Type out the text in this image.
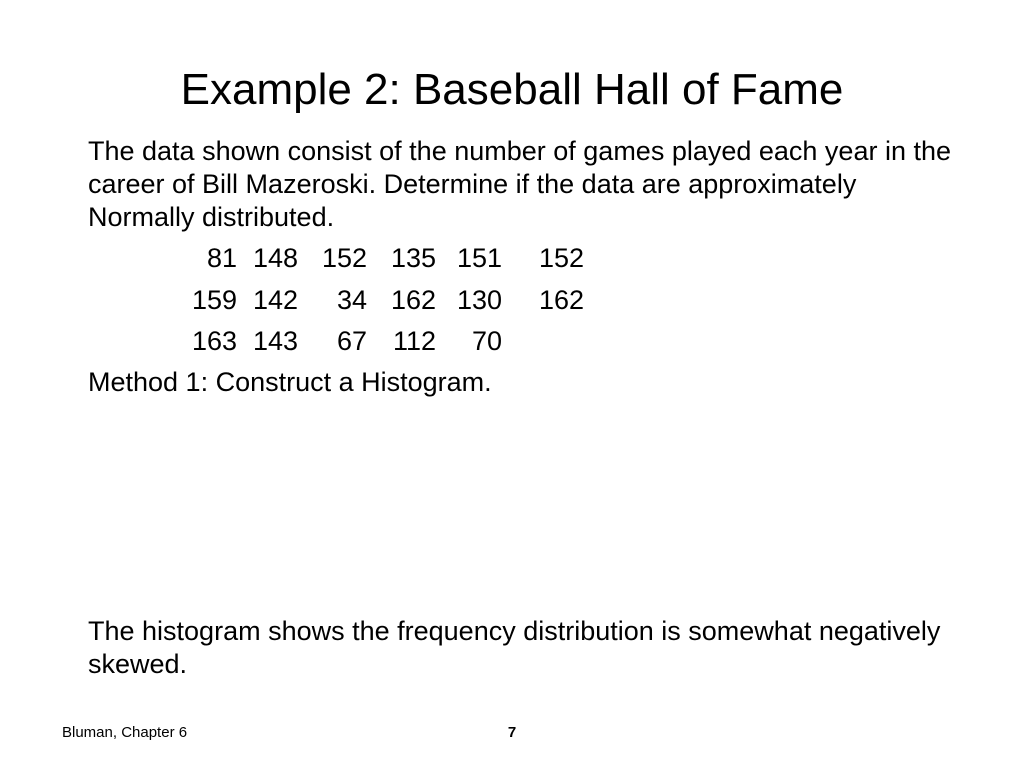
Example 2: Baseball Hall of Fame

The data shown consist of the number of games played each year in the career of Bill Mazeroski. Determine if the data are approximately Normally distributed.

81 148 152 135 151	152
159 142	34 162 130	162
163 143	67 112	70

Method 1: Construct a Histogram.

The histogram shows the frequency distribution is somewhat negatively skewed.

Bluman, Chapter 6	7
